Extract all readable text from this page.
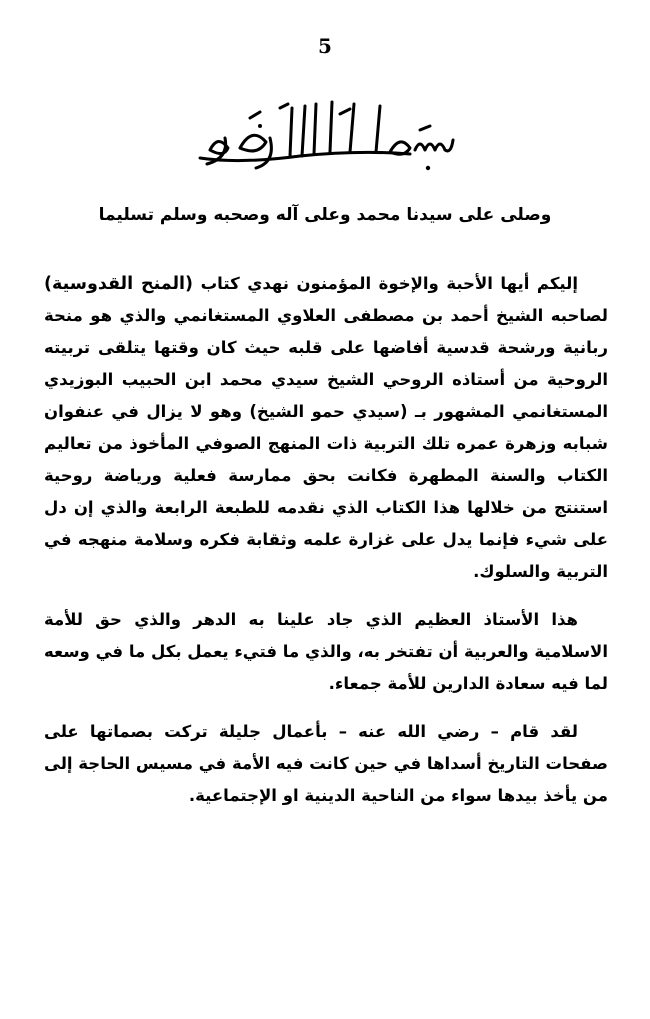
5
وصلى على سيدنا محمد وعلى آله وصحبه وسلم تسليما

إليكم أيها الأحبة والإخوة المؤمنون نهدي كتاب (المنح القدوسية) لصاحبه الشيخ أحمد بن مصطفى العلاوي المستغانمي والذي هو منحة ربانية ورشحة قدسية أفاضها على قلبه حيث كان وقتها يتلقى تربيته الروحية من أستاذه الروحي الشيخ سيدي محمد ابن الحبيب البوزيدي المستغانمي المشهور بـ (سيدي حمو الشيخ) وهو لا يزال في عنفوان شبابه وزهرة عمره تلك التربية ذات المنهج الصوفي المأخوذ من تعاليم الكتاب والسنة المطهرة فكانت بحق ممارسة فعلية ورياضة روحية استنتج من خلالها هذا الكتاب الذي نقدمه للطبعة الرابعة والذي إن دل على شيء فإنما يدل على غزارة علمه وثقابة فكره وسلامة منهجه في التربية والسلوك.

هذا الأستاذ العظيم الذي جاد علينا به الدهر والذي حق للأمة الاسلامية والعربية أن تفتخر به، والذي ما فتيء يعمل بكل ما في وسعه لما فيه سعادة الدارين للأمة جمعاء.

لقد قام – رضي الله عنه – بأعمال جليلة تركت بصماتها على صفحات التاريخ أسداها في حين كانت فيه الأمة في مسيس الحاجة إلى من يأخذ بيدها سواء من الناحية الدينية او الإجتماعية.
